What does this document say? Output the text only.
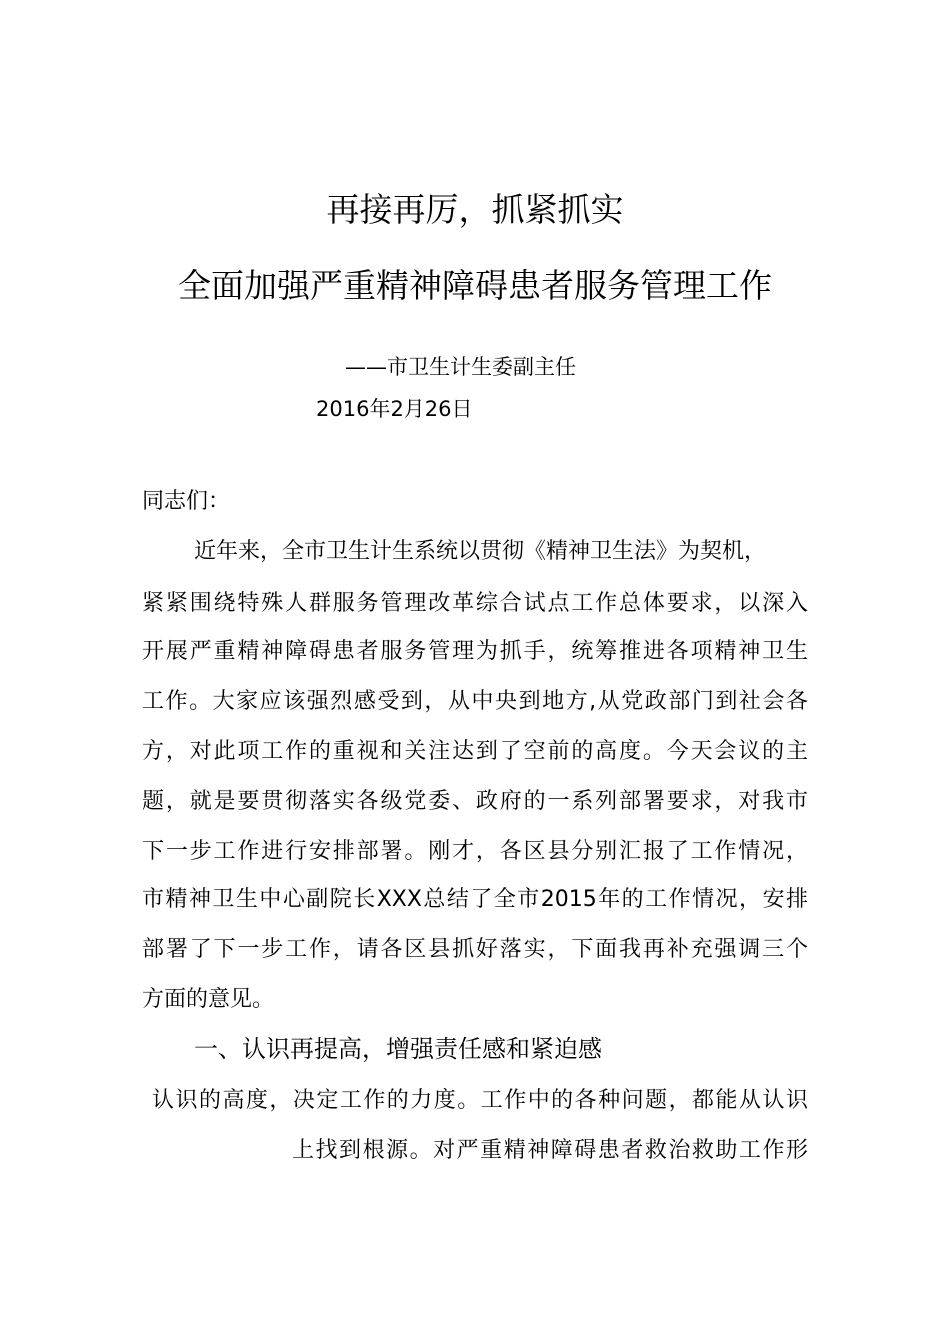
再接再厉，抓紧抓实
全面加强严重精神障碍患者服务管理工作
——市卫生计生委副主任
2016年2月26日
同志们：
近年来，全市卫生计生系统以贯彻《精神卫生法》为契机，
紧紧围绕特殊人群服务管理改革综合试点工作总体要求，以深入
开展严重精神障碍患者服务管理为抓手，统筹推进各项精神卫生
工作。大家应该强烈感受到，从中央到地方,从党政部门到社会各
方，对此项工作的重视和关注达到了空前的高度。今天会议的主
题，就是要贯彻落实各级党委、政府的一系列部署要求，对我市
下一步工作进行安排部署。刚才，各区县分别汇报了工作情况，
市精神卫生中心副院长XXX总结了全市2015年的工作情况，安排
部署了下一步工作，请各区县抓好落实，下面我再补充强调三个
方面的意见。
一、认识再提高，增强责任感和紧迫感
认识的高度，决定工作的力度。工作中的各种问题，都能从认识
上找到根源。对严重精神障碍患者救治救助工作形
